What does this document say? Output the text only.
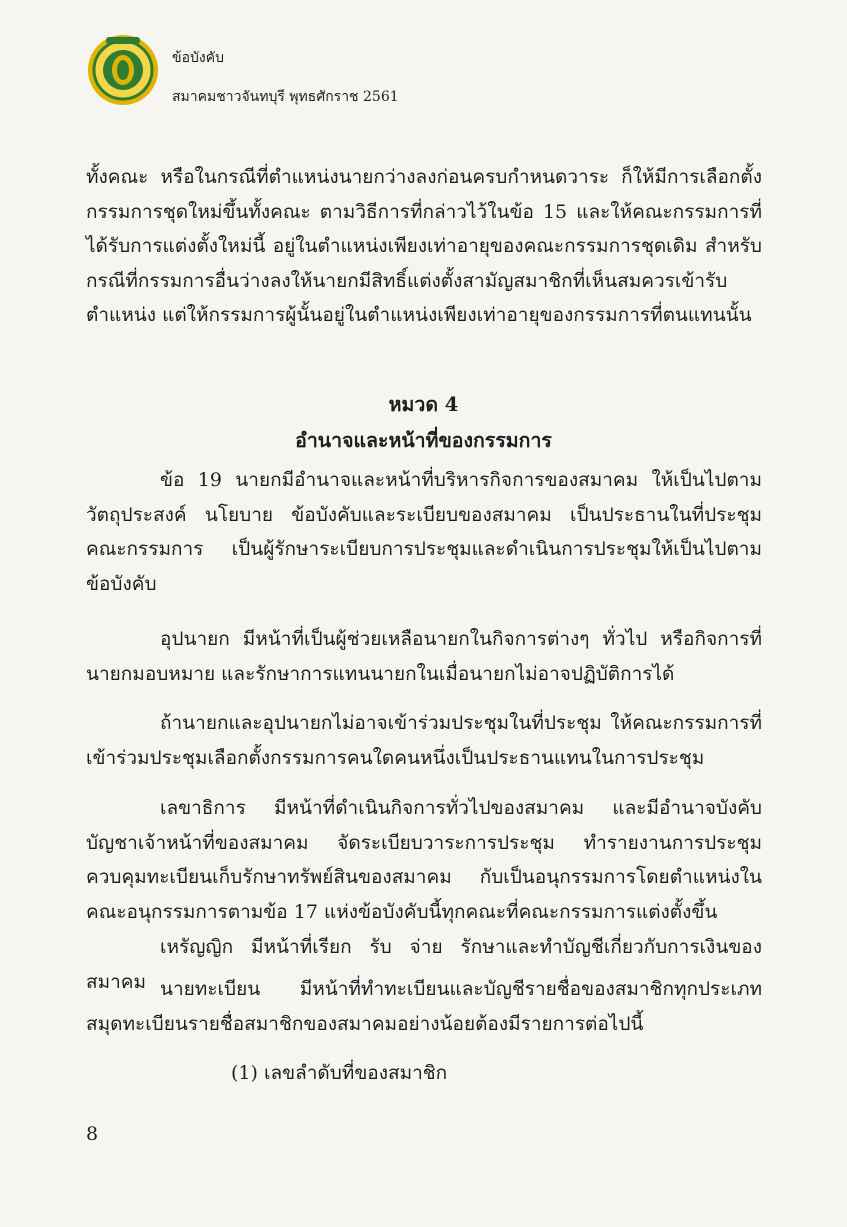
ข้อบังคับ
สมาคมชาวจันทบุรี พุทธศักราช 2561

ทั้งคณะ หรือในกรณีที่ตำแหน่งนายกว่างลงก่อนครบกำหนดวาระ ก็ให้มีการเลือกตั้งกรรมการชุดใหม่ขึ้นทั้งคณะ ตามวิธีการที่กล่าวไว้ในข้อ 15 และให้คณะกรรมการที่ได้รับการแต่งตั้งใหม่นี้ อยู่ในตำแหน่งเพียงเท่าอายุของคณะกรรมการชุดเดิม สำหรับกรณีที่กรรมการอื่นว่างลงให้นายกมีสิทธิ์แต่งตั้งสามัญสมาชิกที่เห็นสมควรเข้ารับตำแหน่ง แต่ให้กรรมการผู้นั้นอยู่ในตำแหน่งเพียงเท่าอายุของกรรมการที่ตนแทนนั้น

หมวด 4
อำนาจและหน้าที่ของกรรมการ

ข้อ 19 นายกมีอำนาจและหน้าที่บริหารกิจการของสมาคม ให้เป็นไปตามวัตถุประสงค์ นโยบาย ข้อบังคับและระเบียบของสมาคม เป็นประธานในที่ประชุมคณะกรรมการ เป็นผู้รักษาระเบียบการประชุมและดำเนินการประชุมให้เป็นไปตามข้อบังคับ

อุปนายก มีหน้าที่เป็นผู้ช่วยเหลือนายกในกิจการต่างๆ ทั่วไป หรือกิจการที่นายกมอบหมาย และรักษาการแทนนายกในเมื่อนายกไม่อาจปฏิบัติการได้

ถ้านายกและอุปนายกไม่อาจเข้าร่วมประชุมในที่ประชุม ให้คณะกรรมการที่เข้าร่วมประชุมเลือกตั้งกรรมการคนใดคนหนึ่งเป็นประธานแทนในการประชุม

เลขาธิการ มีหน้าที่ดำเนินกิจการทั่วไปของสมาคม และมีอำนาจบังคับบัญชาเจ้าหน้าที่ของสมาคม จัดระเบียบวาระการประชุม ทำรายงานการประชุม ควบคุมทะเบียนเก็บรักษาทรัพย์สินของสมาคม กับเป็นอนุกรรมการโดยตำแหน่งในคณะอนุกรรมการตามข้อ 17 แห่งข้อบังคับนี้ทุกคณะที่คณะกรรมการแต่งตั้งขึ้น

เหรัญญิก มีหน้าที่เรียก รับ จ่าย รักษาและทำบัญชีเกี่ยวกับการเงินของสมาคม นายทะเบียน มีหน้าที่ทำทะเบียนและบัญชีรายชื่อของสมาชิกทุกประเภท สมุดทะเบียนรายชื่อสมาชิกของสมาคมอย่างน้อยต้องมีรายการต่อไปนี้

(1) เลขลำดับที่ของสมาชิก

8
